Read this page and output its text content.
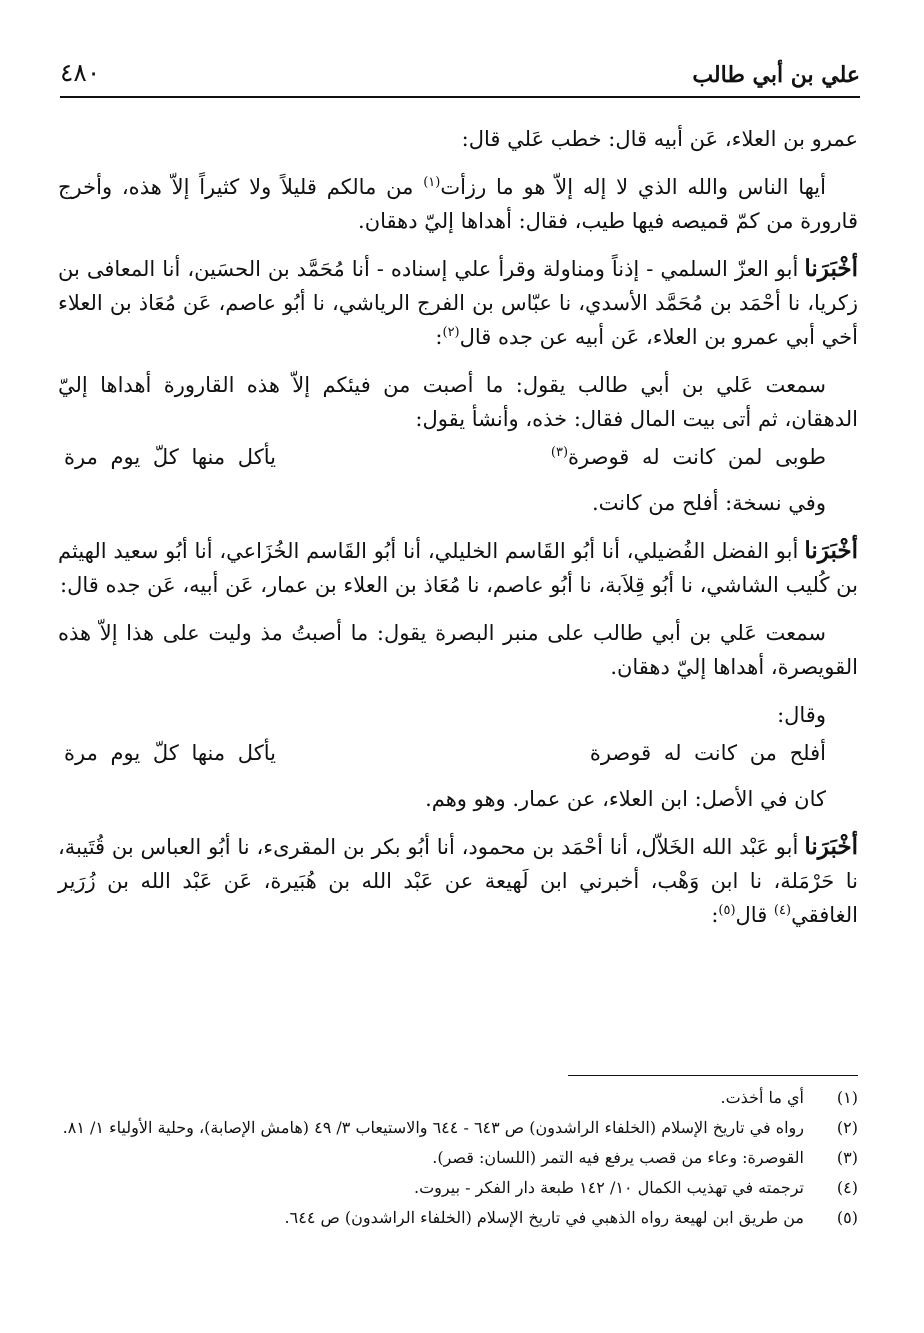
علي بن أبي طالب
٤٨٠

عمرو بن العلاء، عَن أبيه قال: خطب عَلي قال:

أيها الناس والله الذي لا إله إلاّ هو ما رزأت$^{(١)}$ من مالكم قليلاً ولا كثيراً إلاّ هذه، وأخرج قارورة من كمّ قميصه فيها طيب، فقال: أهداها إليّ دهقان.

أخْبَرَناأبو العزّ السلمي - إذناً ومناولة وقرأ علي إسناده - أنا مُحَمَّد بن الحسَين، أنا المعافى بن زكريا، نا أحْمَد بن مُحَمَّد الأسدي، نا عبّاس بن الفرج الرياشي، نا أبُو عاصم، عَن مُعَاذ بن العلاء أخي أبي عمرو بن العلاء، عَن أبيه عن جده قال$^{(٢)}$:

سمعت عَلي بن أبي طالب يقول: ما أصبت من فيئكم إلاّ هذه القارورة أهداها إليّ الدهقان، ثم أتى بيت المال فقال: خذه، وأنشأ يقول:

طوبى لمن كانت له قوصرة$^{(٣)}$
يأكل منها كلّ يوم مرة

وفي نسخة: أفلح من كانت.

أخْبَرَناأبو الفضل الفُضيلي، أنا أبُو القَاسم الخليلي، أنا أبُو القَاسم الخُزَاعي، أنا أبُو سعيد الهيثم بن كُليب الشاشي، نا أبُو قِلاَبة، نا أبُو عاصم، نا مُعَاذ بن العلاء بن عمار، عَن أبيه، عَن جده قال:

سمعت عَلي بن أبي طالب على منبر البصرة يقول: ما أصبتُ مذ وليت على هذا إلاّ هذه القويصرة، أهداها إليّ دهقان.

وقال:

أفلح من كانت له قوصرة
يأكل منها كلّ يوم مرة

كان في الأصل: ابن العلاء، عن عمار. وهو وهم.

أخْبَرَناأبو عَبْد الله الخَلاّل، أنا أحْمَد بن محمود، أنا أبُو بكر بن المقرىء، نا أبُو العباس بن قُتَيبة، نا حَرْمَلة، نا ابن وَهْب، أخبرني ابن لَهيعة عن عَبْد الله بن هُبَيرة، عَن عَبْد الله بن زُرَير الغافقي$^{(٤)}$ قال$^{(٥)}$:

(١)
أي ما أخذت.
(٢)
رواه في تاريخ الإسلام (الخلفاء الراشدون) ص ٦٤٣ - ٦٤٤ والاستيعاب ٣/ ٤٩ (هامش الإصابة)، وحلية الأولياء ١/ ٨١.
(٣)
القوصرة: وعاء من قصب يرفع فيه التمر (اللسان: قصر).
(٤)
ترجمته في تهذيب الكمال ١٠/ ١٤٢ طبعة دار الفكر - بيروت.
(٥)
من طريق ابن لهيعة رواه الذهبي في تاريخ الإسلام (الخلفاء الراشدون) ص ٦٤٤.
